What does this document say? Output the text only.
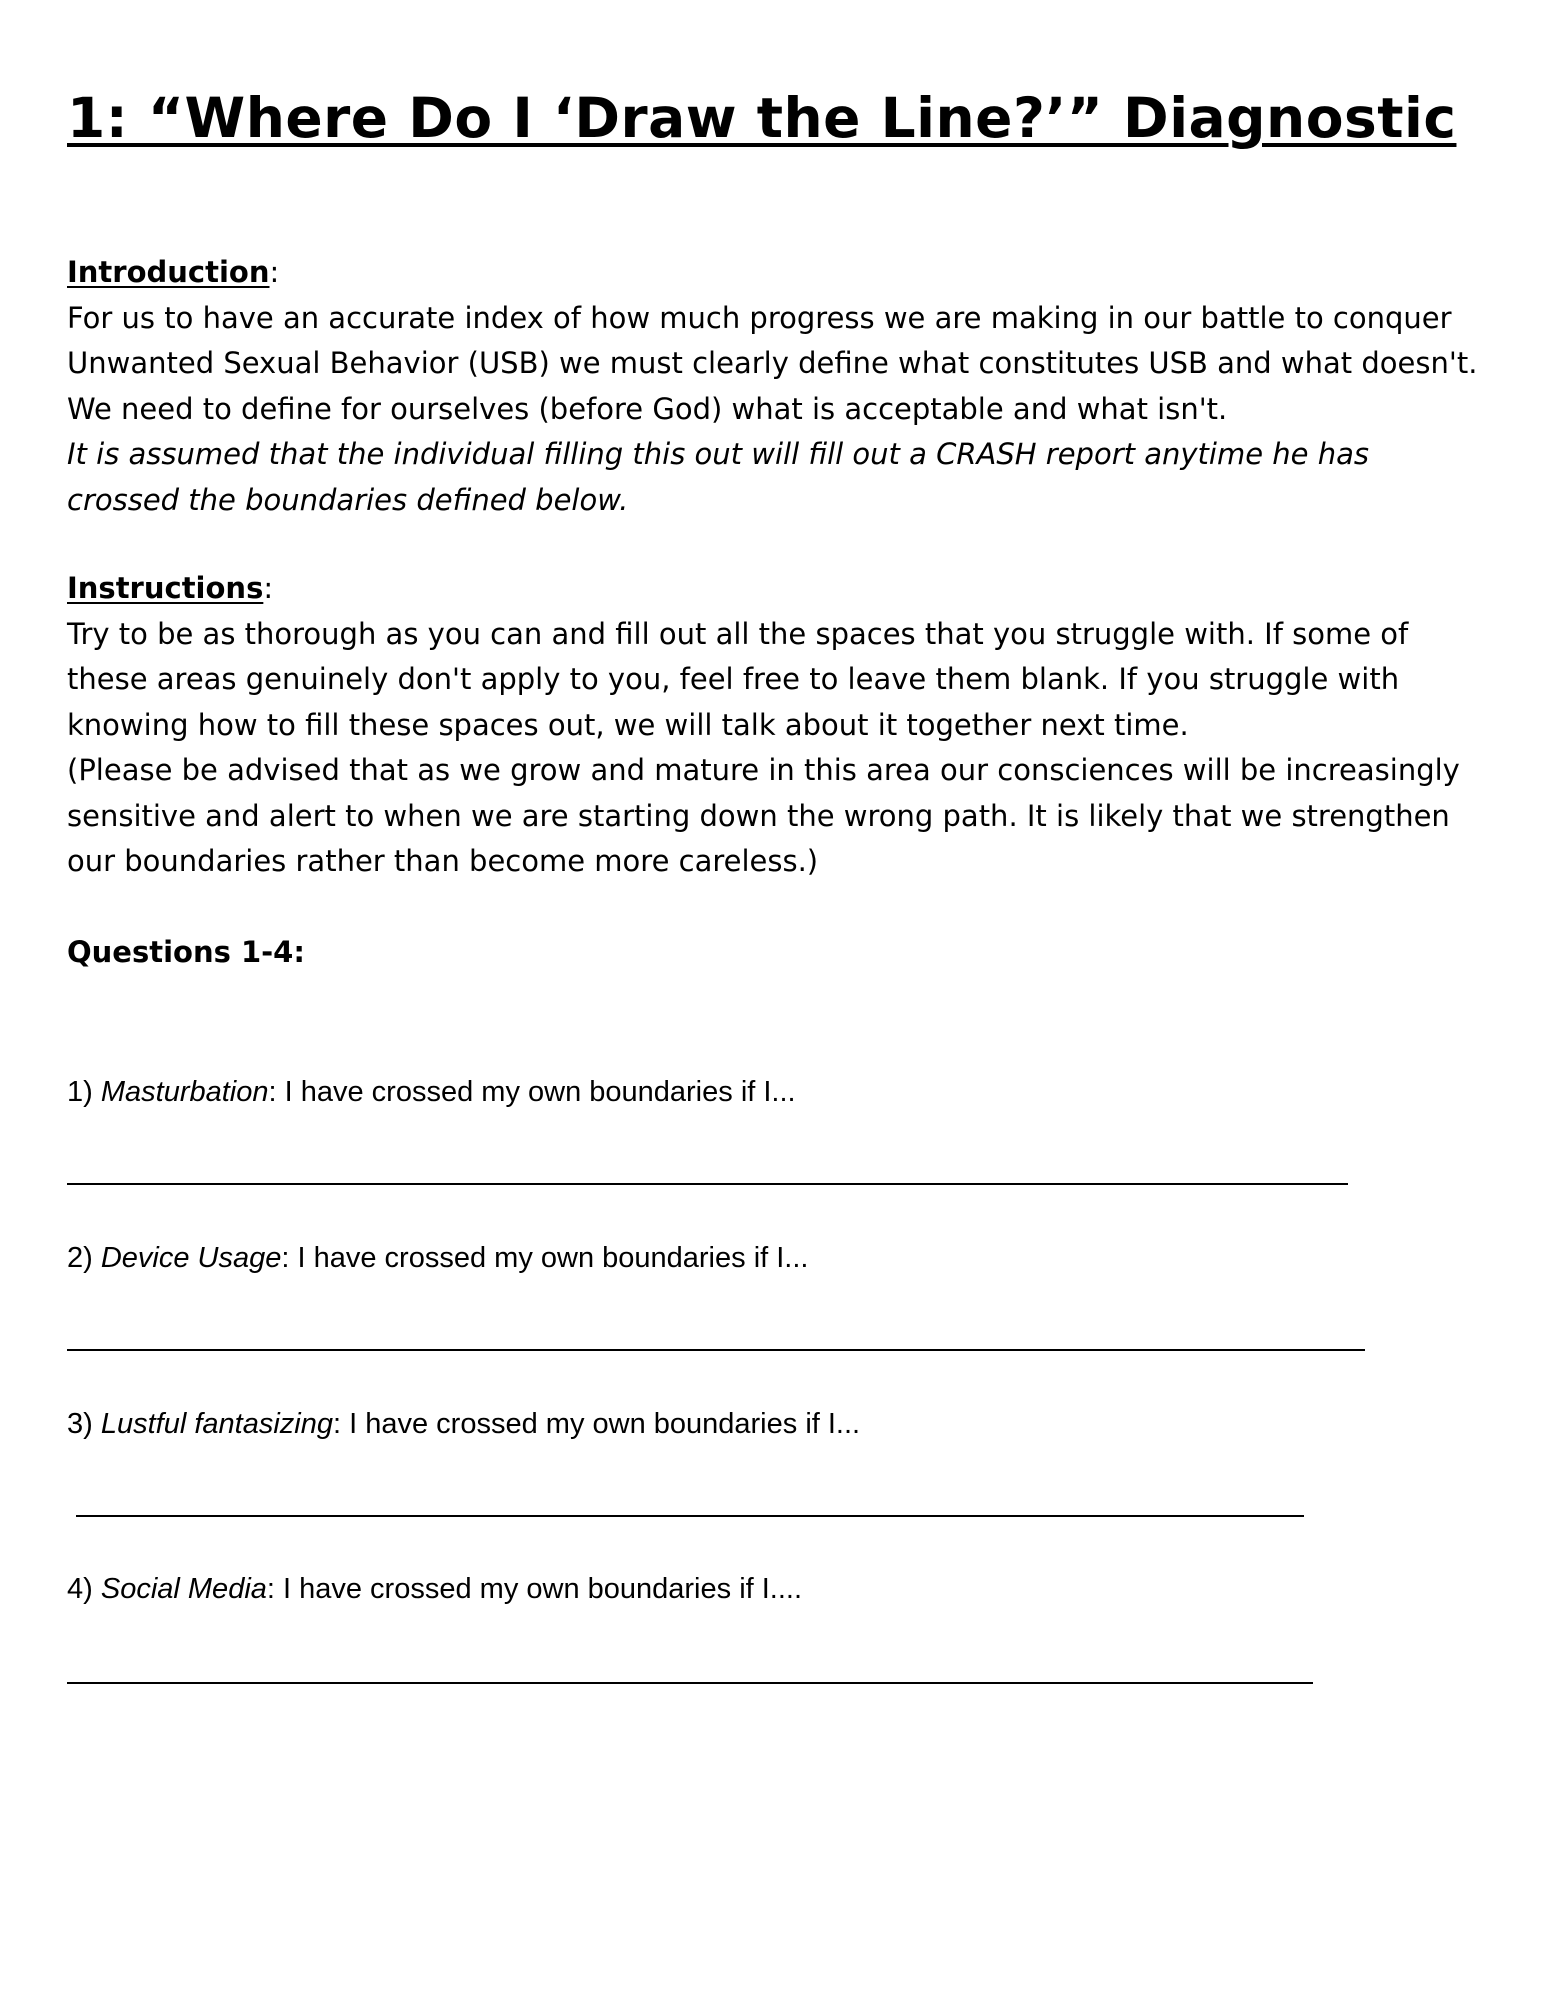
1: “Where Do I ‘Draw the Line?’” Diagnostic
Introduction:
For us to have an accurate index of how much progress we are making in our battle to conquer Unwanted Sexual Behavior (USB) we must clearly define what constitutes USB and what doesn't. We need to define for ourselves (before God) what is acceptable and what isn't.
It is assumed that the individual filling this out will fill out a CRASH report anytime he has crossed the boundaries defined below.
Instructions:
Try to be as thorough as you can and fill out all the spaces that you struggle with. If some of these areas genuinely don't apply to you, feel free to leave them blank. If you struggle with knowing how to fill these spaces out, we will talk about it together next time.
(Please be advised that as we grow and mature in this area our consciences will be increasingly sensitive and alert to when we are starting down the wrong path. It is likely that we strengthen our boundaries rather than become more careless.)
Questions 1-4:
1) Masturbation: I have crossed my own boundaries if I...
2) Device Usage: I have crossed my own boundaries if I...
3) Lustful fantasizing: I have crossed my own boundaries if I...
4) Social Media: I have crossed my own boundaries if I....
